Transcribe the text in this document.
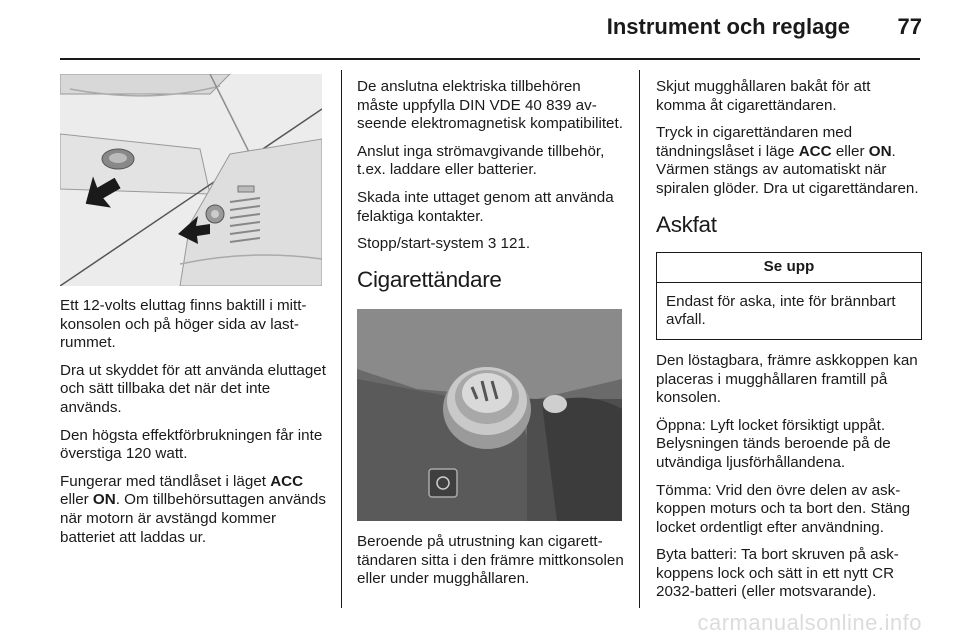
Instrument och reglage 77

Ett 12-volts eluttag finns baktill i mittkonsolen och på höger sida av lastrummet.

Dra ut skyddet för att använda eluttaget och sätt tillbaka det när det inte används.

Den högsta effektförbrukningen får inte överstiga 120 watt.

Fungerar med tändlåset i läget ACC eller ON. Om tillbehörsuttagen används när motorn är avstängd kommer batteriet att laddas ur.

De anslutna elektriska tillbehören måste uppfylla DIN VDE 40 839 avseende elektromagnetisk kompatibilitet.

Anslut inga strömavgivande tillbehör, t.ex. laddare eller batterier.

Skada inte uttaget genom att använda felaktiga kontakter.

Stopp/start-system 3 121.

Cigarettändare

Beroende på utrustning kan cigaretttändaren sitta i den främre mittkonsolen eller under mugghållaren.

Skjut mugghållaren bakåt för att komma åt cigarettändaren.

Tryck in cigarettändaren med tändningslåset i läge ACC eller ON. Värmen stängs av automatiskt när spiralen glöder. Dra ut cigarettändaren.

Askfat
Se upp
Endast för aska, inte för brännbart avfall.

Den löstagbara, främre askkoppen kan placeras i mugghållaren framtill på konsolen.

Öppna: Lyft locket försiktigt uppåt. Belysningen tänds beroende på de utvändiga ljusförhållandena.

Tömma: Vrid den övre delen av askkoppen moturs och ta bort den. Stäng locket ordentligt efter användning.

Byta batteri: Ta bort skruven på askkoppens lock och sätt in ett nytt CR 2032-batteri (eller motsvarande).

carmanualsonline.info
